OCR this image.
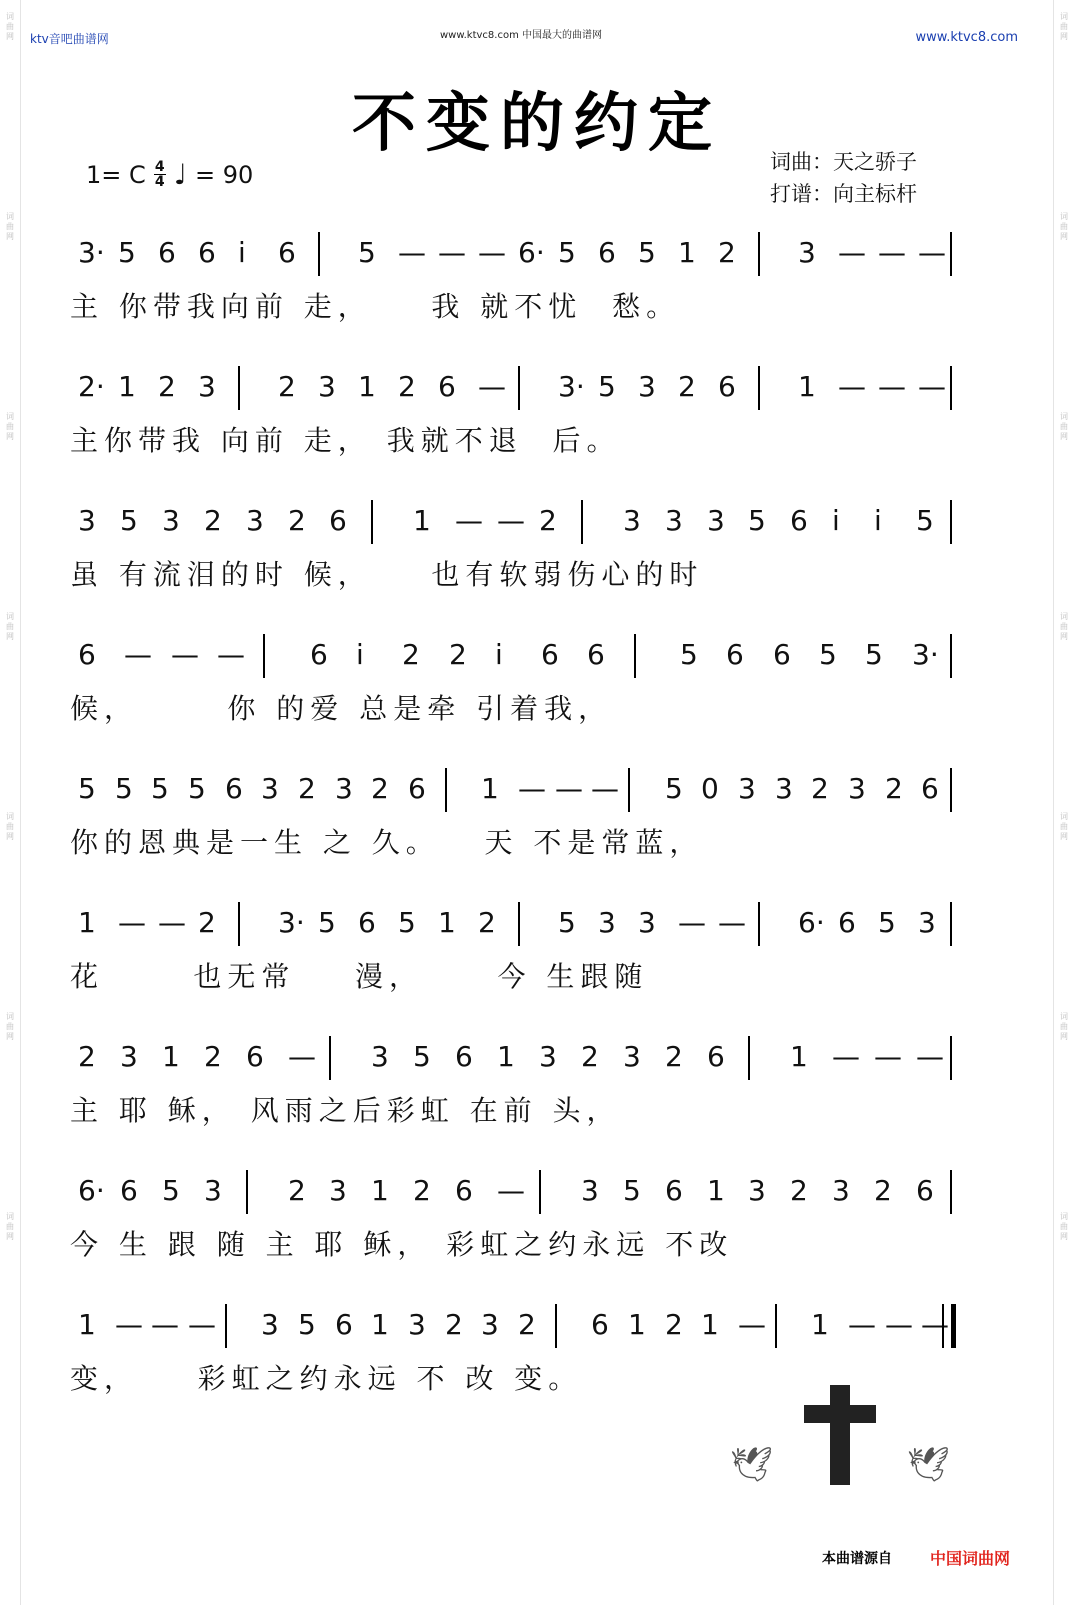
词
曲
网
词
曲
网
词
曲
网
词
曲
网
词
曲
网
词
曲
网
词
曲
网
词
曲
网
词
曲
网
词
曲
网
词
曲
网
词
曲
网
词
曲
网
词
曲
网
ktv音吧曲谱网	www.ktvc8.com 中国最大的曲谱网	www.ktvc8.com
不变的约定
1= C 4
4 ♩ = 90	词曲：天之骄子
打谱：向主标杆
3· 5 6 6 i 6 5 — — — 6· 5 6 5 1 2 3 — — —
主 你带我向前 走，    我 就不忧  愁。
2· 1 2 3 2 3 1 2 6 — 3· 5 3 2 6 1 — — —
主你带我 向前 走， 我就不退  后。
3 5 3 2 3 2 6 1 — — 2 3 3 3 5 6 i i 5
虽 有流泪的时 候，    也有软弱伤心的时
6 — — — 6 i 2 2 i 6 6	5 6 6 5 5 3·
候，      你 的爱 总是牵 引着我，
5 5 5 5 6 3 2 3 2 6 1 — — — 5 0 3 3 2 3 2 6
你的恩典是一生 之 久。   天 不是常蓝，
1 — — 2 3· 5 6 5 1 2 5 3 3 — — 6· 6 5 3
花      也无常    漫，     今 生跟随
2 3 1 2 6 — 3 5 6 1 3 2 3 2 6 1 — — —
主 耶 稣， 风雨之后彩虹 在前 头，
6· 6 5 3 2 3 1 2 6 — 3 5 6 1 3 2 3 2 6
今 生 跟 随 主 耶 稣， 彩虹之约永远 不改
1 — — — 3 5 6 1 3 2 3 2 6 1 2 1 — 1 — — —
变，    彩虹之约永远 不 改 变。
🕊	🕊
本曲谱源自 中国词曲网
